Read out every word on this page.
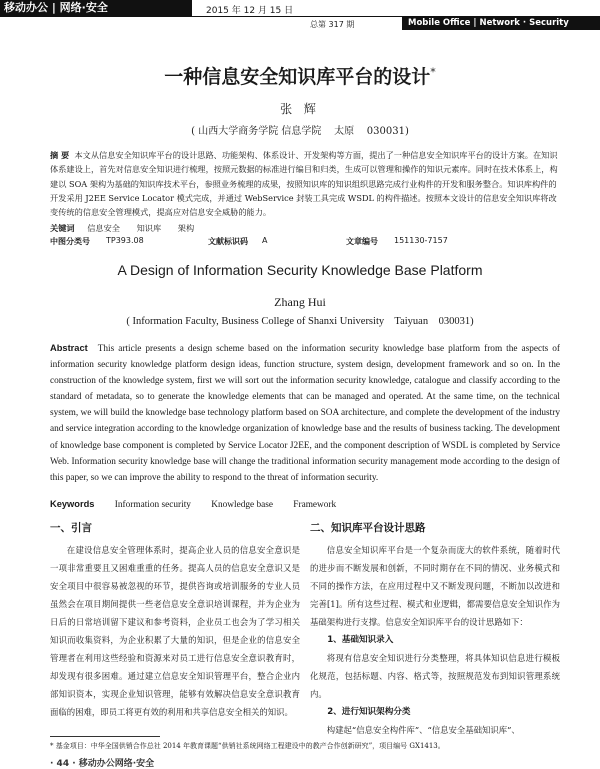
移动办公 | 网络·安全	2015 年 12 月 15 日
总第 317 期	Mobile Office | Network · Security
一种信息安全知识库平台的设计*
张 辉
( 山西大学商务学院 信息学院    太原    030031)
摘 要 本文从信息安全知识库平台的设计思路、功能架构、体系设计、开发架构等方面，提出了一种信息安全知识库平台的设计方案。在知识体系建设上，首先对信息安全知识进行梳理，按照元数据的标准进行编目和归类，生成可以管理和操作的知识元素库。同时在技术体系上，构建以 SOA 架构为基础的知识库技术平台，参照业务梳理的成果，按照知识库的知识组织思路完成行业构件的开发和服务整合。知识库构件的开发采用 J2EE Service Locator 模式完成，并通过 WebService 封装工具完成 WSDL 的构件描述。按照本文设计的信息安全知识库将改变传统的信息安全管理模式，提高应对信息安全威胁的能力。
关键词 信息安全 知识库 架构
中图分类号 TP393.08	文献标识码 A	文章编号 151130-7157
A Design of Information Security Knowledge Base Platform
Zhang Hui
( Information Faculty, Business College of Shanxi University    Taiyuan    030031)
Abstract This article presents a design scheme based on the information security knowledge base platform from the aspects of information security knowledge platform design ideas, function structure, system design, development framework and so on. In the construction of the knowledge system, first we will sort out the information security knowledge, catalogue and classify according to the standard of metadata, so to generate the knowledge elements that can be managed and operated. At the same time, on the technical system, we will build the knowledge base technology platform based on SOA architecture, and complete the development of the industry and service integration according to the knowledge organization of knowledge base and the results of business tacking. The development of knowledge base component is completed by Service Locator J2EE, and the component description of WSDL is completed by Service Web. Information security knowledge base will change the traditional information security management mode according to the design of this paper, so we can improve the ability to respond to the threat of information security.
Keywords Information security Knowledge base Framework
一、引言

在建设信息安全管理体系时，提高企业人员的信息安全意识是一项非常重要且又困难重重的任务。提高人员的信息安全意识又是安全项目中很容易被忽视的环节，提供咨询或培训服务的专业人员虽然会在项目期间提供一些老信息安全意识培训课程，并为企业为日后的日常培训留下建议和参考资料，企业员工也会为了学习相关知识而收集资料，为企业积累了大量的知识，但是企业的信息安全管理者在利用这些经验和资源来对员工进行信息安全意识教育时，却发现有很多困难。通过建立信息安全知识管理平台，整合企业内部知识资本，实现企业知识管理，能够有效解决信息安全意识教育面临的困难，即员工将更有效的利用和共享信息安全相关的知识。

二、知识库平台设计思路

信息安全知识库平台是一个复杂而庞大的软件系统，随着时代的进步而不断发展和创新，不同时期存在不同的情况、业务模式和不同的操作方法，在应用过程中又不断发现问题，不断加以改进和完善[1]。所有这些过程、模式和业逻辑，都需要信息安全知识作为基础架构进行支撑。信息安全知识库平台的设计思路如下：

1、基础知识录入

将现有信息安全知识进行分类整理，将具体知识信息进行模板化规范，包括标题、内容、格式等，按照规范发布到知识管理系统内。

2、进行知识架构分类

构建起“信息安全构件库”、“信息安全基础知识库”、

* 基金项目：中华全国供销合作总社 2014 年教育课题“供销社系统网络工程建设中的教产合作创新研究”，项目编号 GX1413。
· 44 · 移动办公网络·安全
